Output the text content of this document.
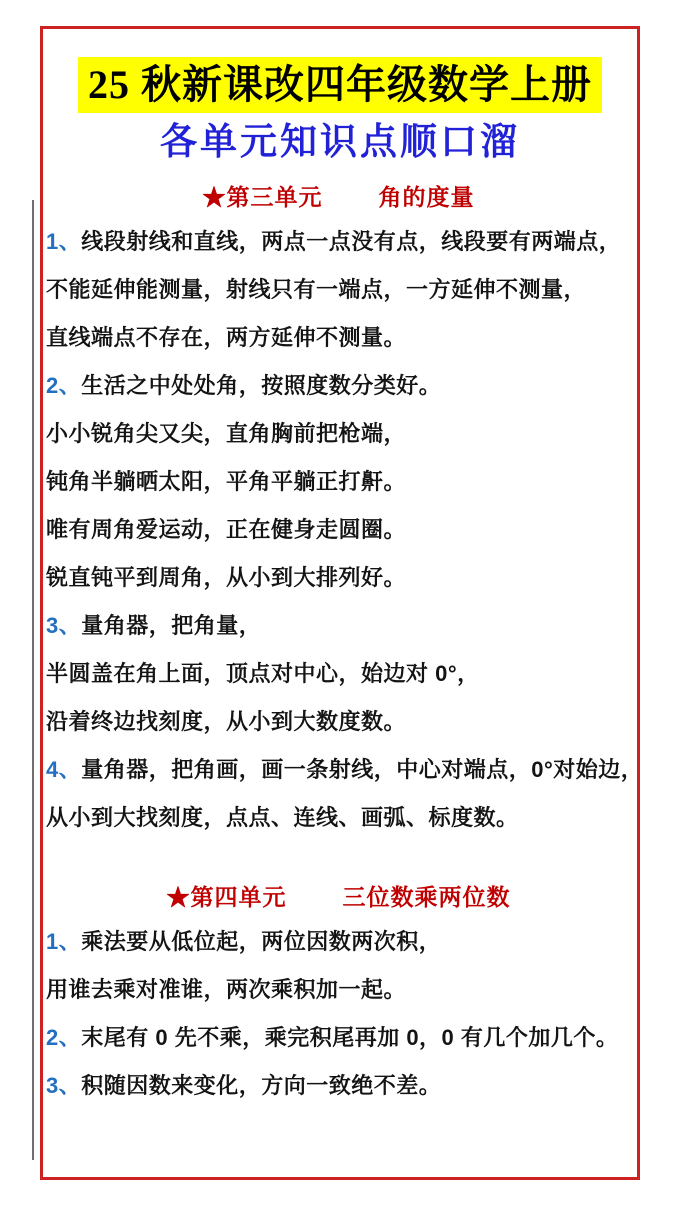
25 秋新课改四年级数学上册
各单元知识点顺口溜
★第三单元 角的度量

1、线段射线和直线，两点一点没有点，线段要有两端点，

不能延伸能测量，射线只有一端点，一方延伸不测量，

直线端点不存在，两方延伸不测量。

2、生活之中处处角，按照度数分类好。

小小锐角尖又尖，直角胸前把枪端，

钝角半躺晒太阳，平角平躺正打鼾。

唯有周角爱运动，正在健身走圆圈。

锐直钝平到周角，从小到大排列好。

3、量角器，把角量，

半圆盖在角上面，顶点对中心，始边对 0°，

沿着终边找刻度，从小到大数度数。

4、量角器，把角画，画一条射线，中心对端点，0°对始边，

从小到大找刻度，点点、连线、画弧、标度数。

★第四单元 三位数乘两位数

1、乘法要从低位起，两位因数两次积，

用谁去乘对准谁，两次乘积加一起。

2、末尾有 0 先不乘，乘完积尾再加 0，0 有几个加几个。

3、积随因数来变化，方向一致绝不差。
